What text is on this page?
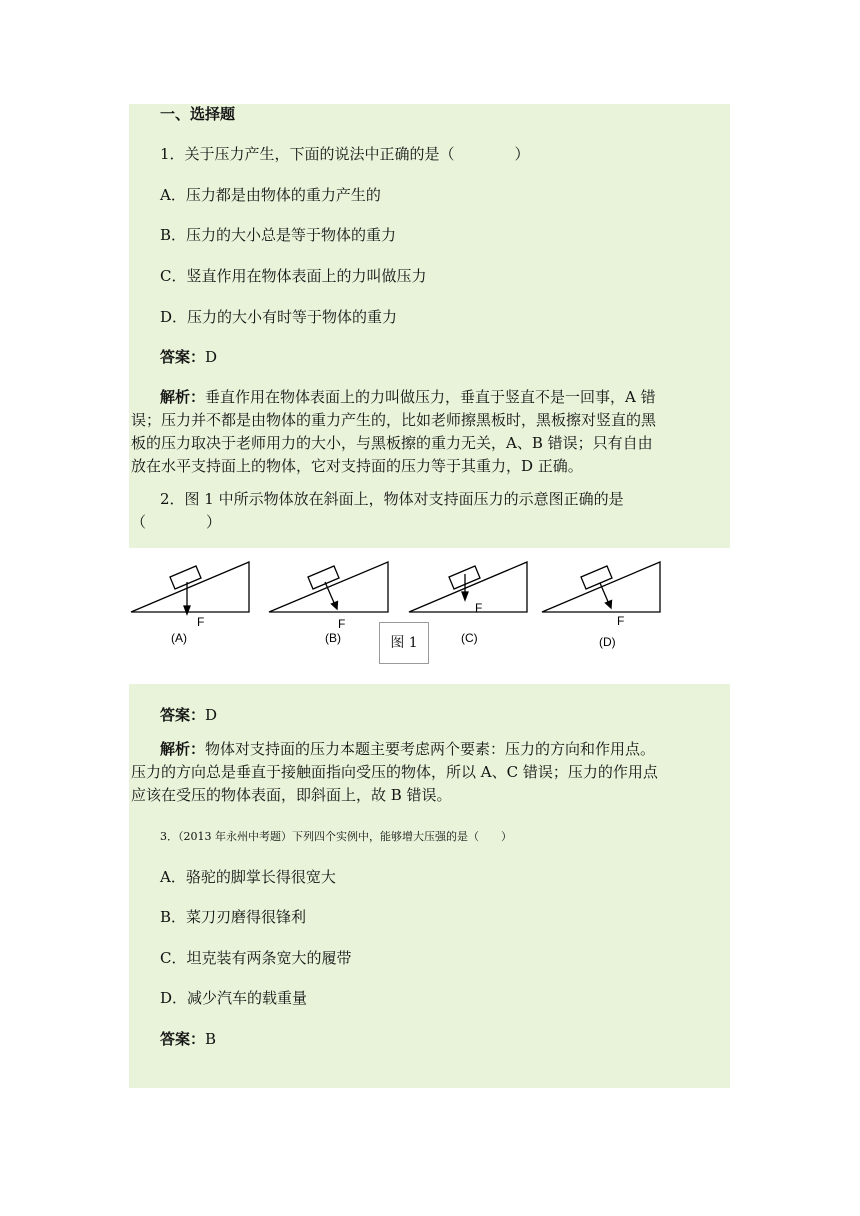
一、选择题
1．关于压力产生，下面的说法中正确的是（　　　　）
A．压力都是由物体的重力产生的
B．压力的大小总是等于物体的重力
C．竖直作用在物体表面上的力叫做压力
D．压力的大小有时等于物体的重力
答案：D
解析：垂直作用在物体表面上的力叫做压力，垂直于竖直不是一回事，A 错
误；压力并不都是由物体的重力产生的，比如老师擦黑板时，黑板擦对竖直的黑
板的压力取决于老师用力的大小，与黑板擦的重力无关，A、B 错误；只有自由
放在水平支持面上的物体，它对支持面的压力等于其重力，D 正确。
2．图 1 中所示物体放在斜面上，物体对支持面压力的示意图正确的是
（　　　　）
F	F
F
F
(A)	(B)	(C)	(D)
图 1
答案：D
解析：物体对支持面的压力本题主要考虑两个要素：压力的方向和作用点。
压力的方向总是垂直于接触面指向受压的物体，所以 A、C 错误；压力的作用点
应该在受压的物体表面，即斜面上，故 B 错误。
3．（2013 年永州中考题）下列四个实例中，能够增大压强的是（　　）
A．骆驼的脚掌长得很宽大
B．菜刀刃磨得很锋利
C．坦克装有两条宽大的履带
D．减少汽车的载重量
答案：B
